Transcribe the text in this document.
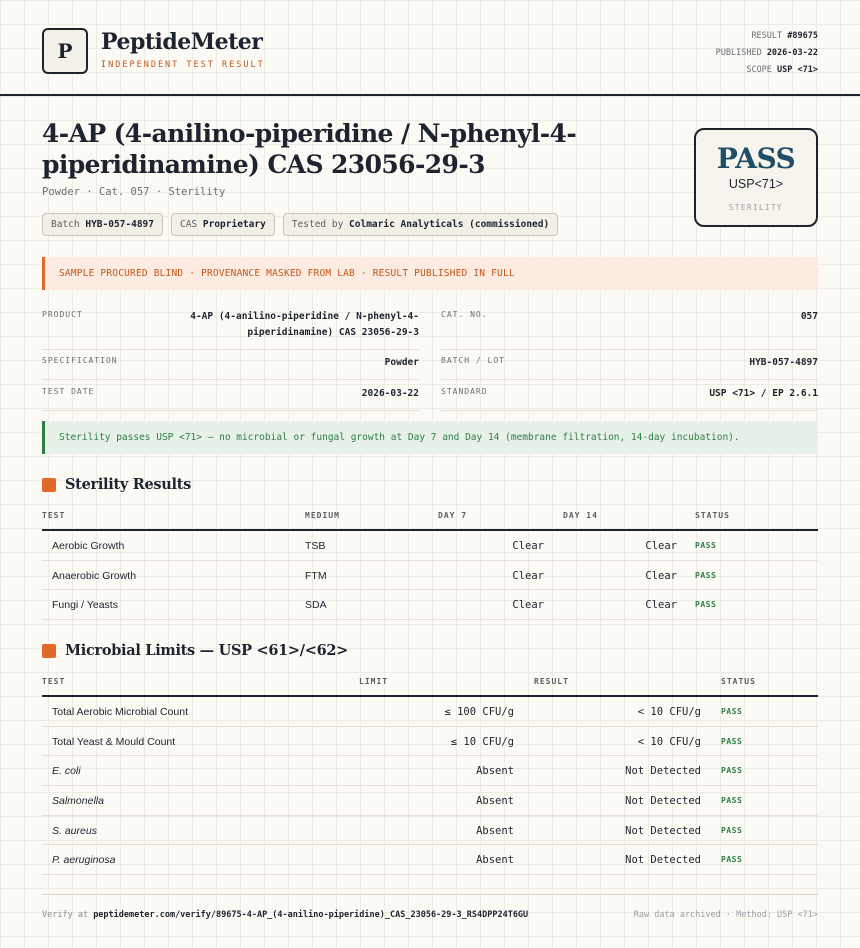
P	PeptideMeter
INDEPENDENT TEST RESULT
RESULT #89675
PUBLISHED 2026-03-22
SCOPE USP <71>
4-AP (4-anilino-piperidine / N-phenyl-4-piperidinamine) CAS 23056-29-3
Powder · Cat. 057 · Sterility
Batch HYB-057-4897	CAS Proprietary	Tested by Colmaric Analyticals (commissioned)
PASS
USP<71>
STERILITY
SAMPLE PROCURED BLIND · PROVENANCE MASKED FROM LAB · RESULT PUBLISHED IN FULL
PRODUCT	4-AP (4-anilino-piperidine / N-phenyl-4-
piperidinamine) CAS 23056-29-3
CAT. NO.	057
SPECIFICATION	Powder	BATCH / LOT	HYB-057-4897
TEST DATE	2026-03-22	STANDARD	USP <71> / EP 2.6.1
Sterility passes USP <71> — no microbial or fungal growth at Day 7 and Day 14 (membrane filtration, 14-day incubation).
Sterility Results
TEST	MEDIUM	DAY 7	DAY 14	STATUS
Aerobic Growth	TSB	Clear	Clear PASS
Anaerobic Growth	FTM	Clear	Clear PASS
Fungi / Yeasts	SDA	Clear	Clear PASS
Microbial Limits — USP <61>/<62>
TEST	LIMIT	RESULT	STATUS
Total Aerobic Microbial Count	≤ 100 CFU/g	< 10 CFU/g	PASS
Total Yeast & Mould Count	≤ 10 CFU/g	< 10 CFU/g	PASS
E. coli	Absent	Not Detected	PASS
Salmonella	Absent	Not Detected	PASS
S. aureus	Absent	Not Detected	PASS
P. aeruginosa	Absent	Not Detected	PASS
Verify at peptidemeter.com/verify/89675-4-AP_(4-anilino-piperidine)_CAS_23056-29-3_RS4DPP24T6GU	Raw data archived · Method: USP <71>
